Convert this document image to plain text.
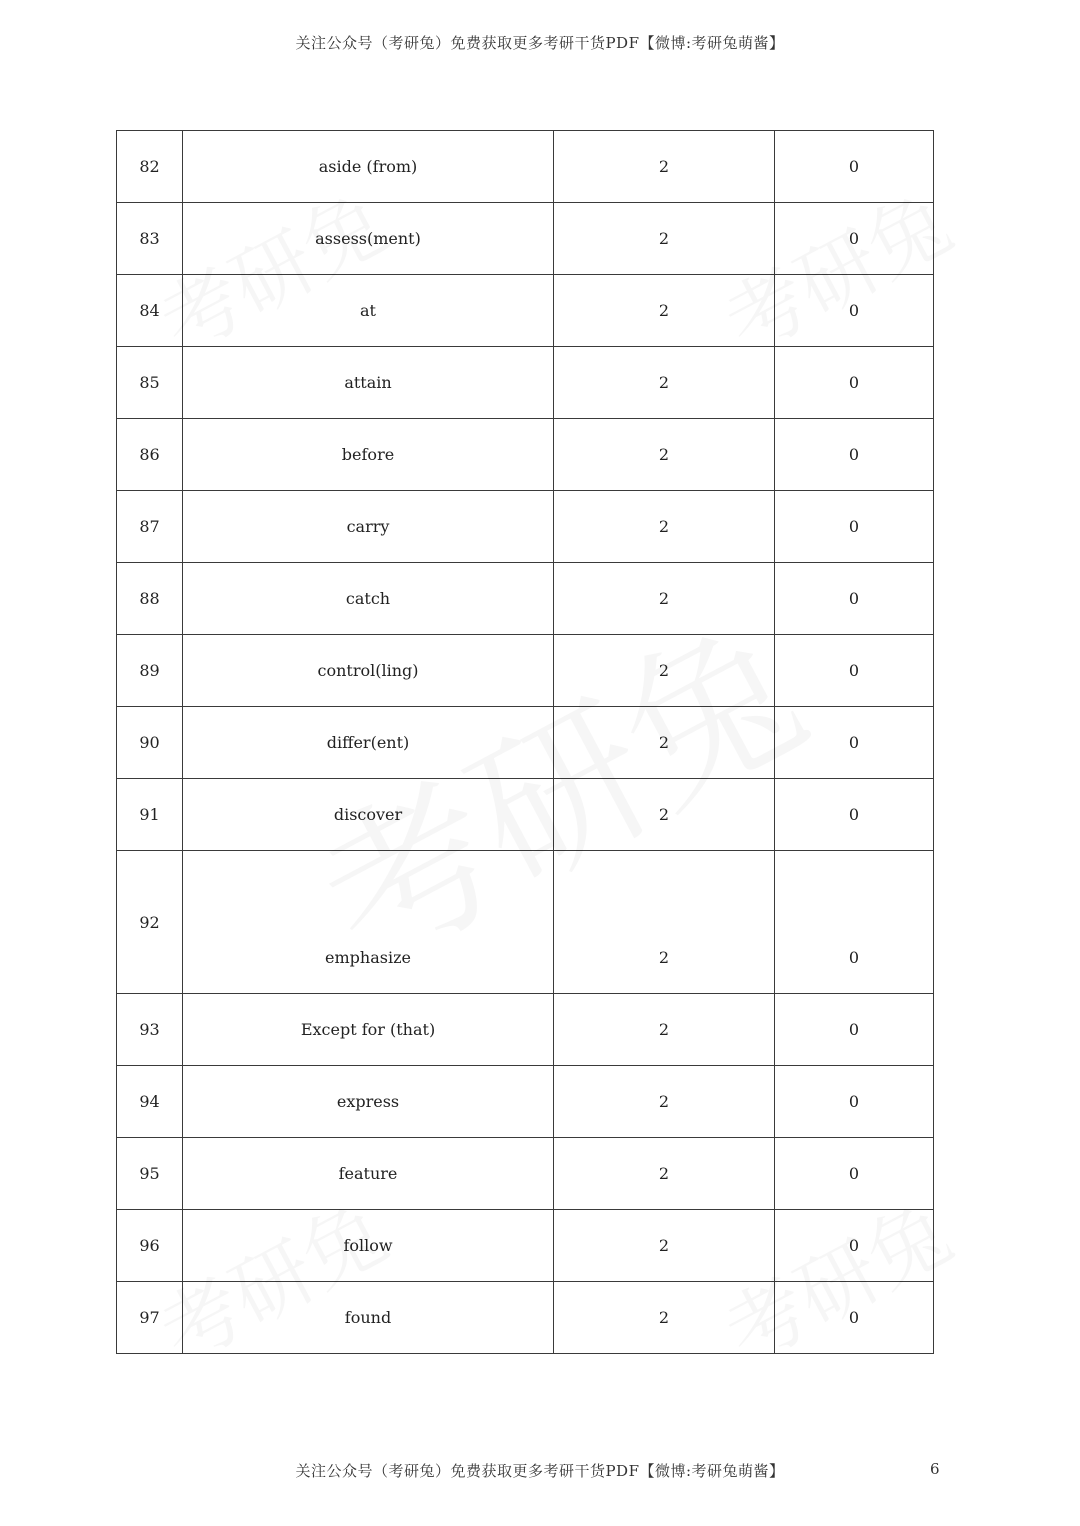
关注公众号（考研兔）免费获取更多考研干货PDF【微博:考研兔萌酱】
82	aside (from)	2	0
83	assess(ment)	2	0
84	at	2	0
85	attain	2	0
86	before	2	0
87	carry	2	0
88	catch	2	0
89	control(ling)	2	0
90	differ(ent)	2	0
91	discover	2	0
92	emphasize	2	0
93	Except for (that)	2	0
94	express	2	0
95	feature	2	0
96	follow	2	0
97	found	2	0
关注公众号（考研兔）免费获取更多考研干货PDF【微博:考研兔萌酱】	6
